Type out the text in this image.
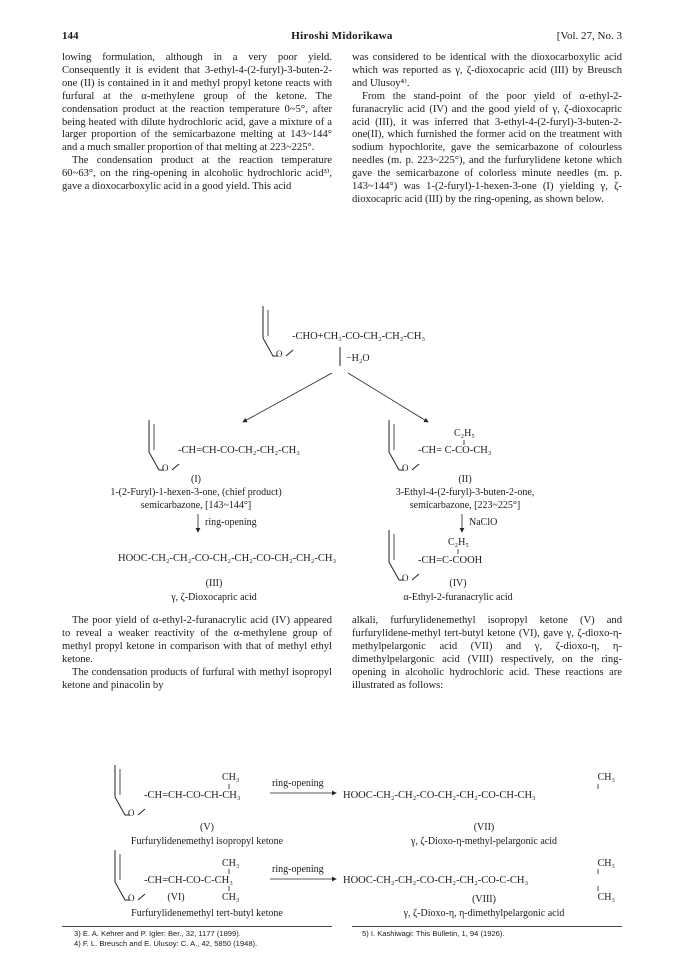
144	Hiroshi Midorikawa	[Vol. 27, No. 3

lowing formulation, although in a very poor yield. Consequently it is evident that 3-ethyl-4-(2-furyl)-3-buten-2-one (II) is contained in it and methyl propyl ketone reacts with furfural at the α-methylene group of the ketone. The condensation product at the reaction temperature 0~5°, after being heated with dilute hydrochloric acid, gave a mixture of a larger proportion of the semicarbazone melting at 143~144° and a much smaller proportion of that melting at 223~225°.

The condensation product at the reaction temperature 60~63°, on the ring-opening in alcoholic hydrochloric acid³⁾, gave a dioxocarboxylic acid in a good yield. This acid

was considered to be identical with the dioxocarboxylic acid which was reported as γ, ζ-dioxocapric acid (III) by Breusch and Ulusoy⁴⁾.

From the stand-point of the poor yield of α-ethyl-2-furanacrylic acid (IV) and the good yield of γ, ζ-dioxocapric acid (III), it was inferred that 3-ethyl-4-(2-furyl)-3-buten-2-one(II), which furnished the former acid on the treatment with sodium hypochlorite, gave the semicarbazone of colourless needles (m. p. 223~225°), and the furfurylidene ketone which gave the semicarbazone of colorless minute needles (m. p. 143~144°) was 1-(2-furyl)-1-hexen-3-one (I) yielding γ, ζ-dioxocapric acid (III) by the ring-opening, as shown below.

O
-CHO+CH₃-CO-CH₂-CH₂-CH₃
−H₂O
O
-CH=CH-CO-CH₂-CH₂-CH₃
(I)
1-(2-Furyl)-1-hexen-3-one, (chief product)
semicarbazone, [143~144°]
O
C₂H₅
-CH= C-CO-CH₃
(II)
3-Ethyl-4-(2-furyl)-3-buten-2-one,
semicarbazone, [223~225°]
ring-opening	NaClO
HOOC-CH₂-CH₂-CO-CH₂-CH₂-CO-CH₂-CH₂-CH₃
(III)
γ, ζ-Dioxocapric acid
O
C₂H₅
-CH=C-COOH
(IV)
α-Ethyl-2-furanacrylic acid
O
CH₃
-CH=CH-CO-CH-CH₃
(V)
Furfurylidenemethyl isopropyl ketone
ring-opening
CH₃
HOOC-CH₂-CH₂-CO-CH₂-CH₂-CO-CH-CH₃
(VII)
γ, ζ-Dioxo-η-methyl-pelargonic acid
O
CH₃
-CH=CH-CO-C-CH₃
CH₃
(VI)
Furfurylidenemethyl tert-butyl ketone
ring-opening
CH₃
HOOC-CH₂-CH₂-CO-CH₂-CH₂-CO-C-CH₃
CH₃
(VIII)
γ, ζ-Dioxo-η, η-dimethylpelargonic acid

The poor yield of α-ethyl-2-furanacrylic acid (IV) appeared to reveal a weaker reactivity of the α-methylene group of methyl propyl ketone in comparison with that of methyl ethyl ketone.

The condensation products of furfural with methyl isopropyl ketone and pinacolin by

alkali, furfurylidenemethyl isopropyl ketone (V) and furfurylidene-methyl tert-butyl ketone (VI), gave γ, ζ-dioxo-η-methylpelargonic acid (VII) and γ, ζ-dioxo-η, η-dimethylpelargonic acid (VIII) respectively, on the ring-opening in alcoholic hydrochloric acid. These reactions are illustrated as follows:

3) E. A. Kehrer and P. Igler: Ber., 32, 1177 (1899).
4) F. L. Breusch and E. Ulusoy: C. A., 42, 5850 (1948).
5) I. Kashiwagi: This Bulletin, 1, 94 (1926).
